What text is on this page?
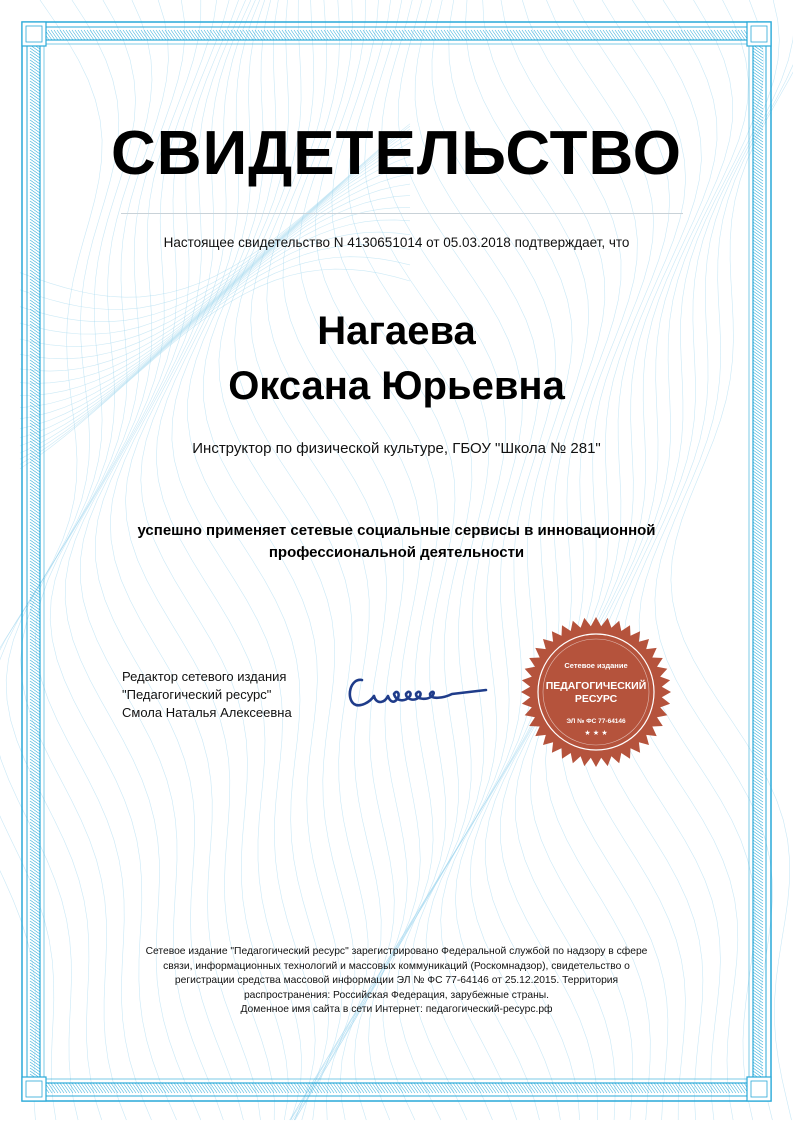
СВИДЕТЕЛЬСТВО
Настоящее свидетельство N 4130651014 от 05.03.2018 подтверждает, что
Нагаева
Оксана Юрьевна
Инструктор по физической культуре, ГБОУ "Школа № 281"
успешно применяет сетевые социальные сервисы в инновационной
профессиональной деятельности
Редактор сетевого издания
"Педагогический ресурс"
Смола Наталья Алексеевна
Сетевое издание
ПЕДАГОГИЧЕСКИЙ
РЕСУРС
ЭЛ № ФС 77-64146
★ ★ ★
Сетевое издание "Педагогический ресурс" зарегистрировано Федеральной службой по надзору в сфере
связи, информационных технологий и массовых коммуникаций (Роскомнадзор), свидетельство о
регистрации средства массовой информации ЭЛ № ФС 77-64146 от 25.12.2015. Территория
распространения: Российская Федерация, зарубежные страны.
Доменное имя сайта в сети Интернет: педагогический-ресурс.рф
